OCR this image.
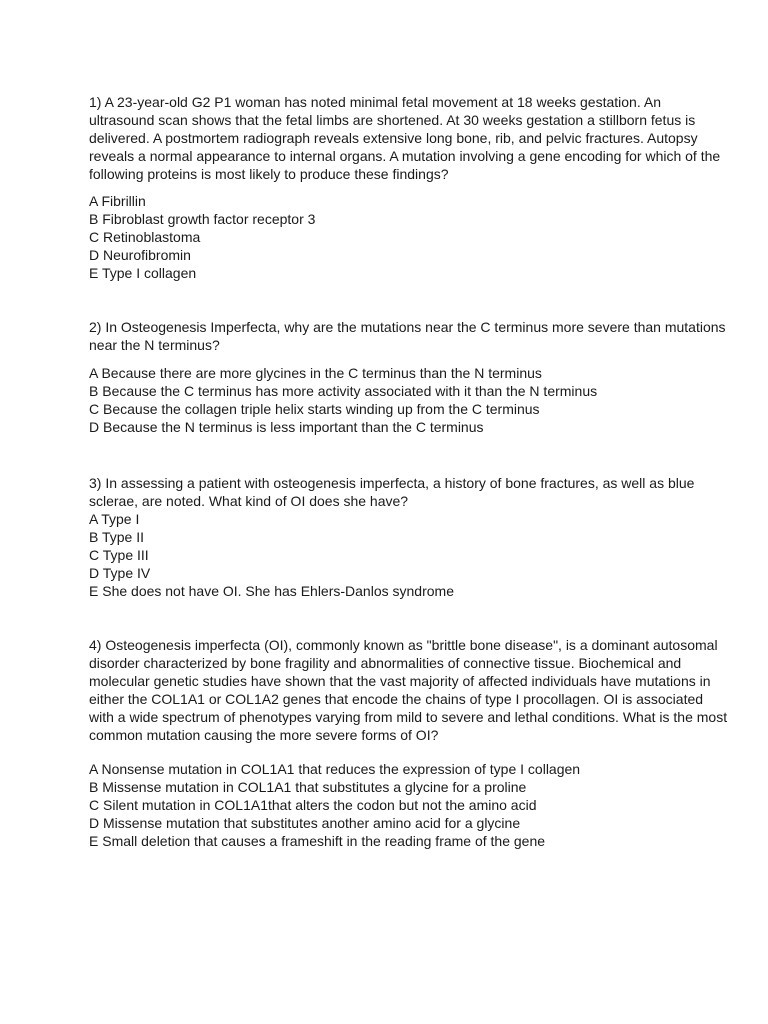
1) A 23-year-old G2 P1 woman has noted minimal fetal movement at 18 weeks gestation. An ultrasound scan shows that the fetal limbs are shortened. At 30 weeks gestation a stillborn fetus is delivered. A postmortem radiograph reveals extensive long bone, rib, and pelvic fractures. Autopsy reveals a normal appearance to internal organs. A mutation involving a gene encoding for which of the following proteins is most likely to produce these findings?

A Fibrillin
B Fibroblast growth factor receptor 3
C Retinoblastoma
D Neurofibromin
E Type I collagen

2) In Osteogenesis Imperfecta, why are the mutations near the C terminus more severe than mutations near the N terminus?

A Because there are more glycines in the C terminus than the N terminus
B Because the C terminus has more activity associated with it than the N terminus
C Because the collagen triple helix starts winding up from the C terminus
D Because the N terminus is less important than the C terminus

3) In assessing a patient with osteogenesis imperfecta, a history of bone fractures, as well as blue sclerae, are noted. What kind of OI does she have?

A Type I
B Type II
C Type III
D Type IV
E She does not have OI. She has Ehlers-Danlos syndrome

4) Osteogenesis imperfecta (OI), commonly known as "brittle bone disease", is a dominant autosomal disorder characterized by bone fragility and abnormalities of connective tissue. Biochemical and molecular genetic studies have shown that the vast majority of affected individuals have mutations in either the COL1A1 or COL1A2 genes that encode the chains of type I procollagen. OI is associated with a wide spectrum of phenotypes varying from mild to severe and lethal conditions. What is the most common mutation causing the more severe forms of OI?

A Nonsense mutation in COL1A1 that reduces the expression of type I collagen
B Missense mutation in COL1A1 that substitutes a glycine for a proline
C Silent mutation in COL1A1that alters the codon but not the amino acid
D Missense mutation that substitutes another amino acid for a glycine
E Small deletion that causes a frameshift in the reading frame of the gene
